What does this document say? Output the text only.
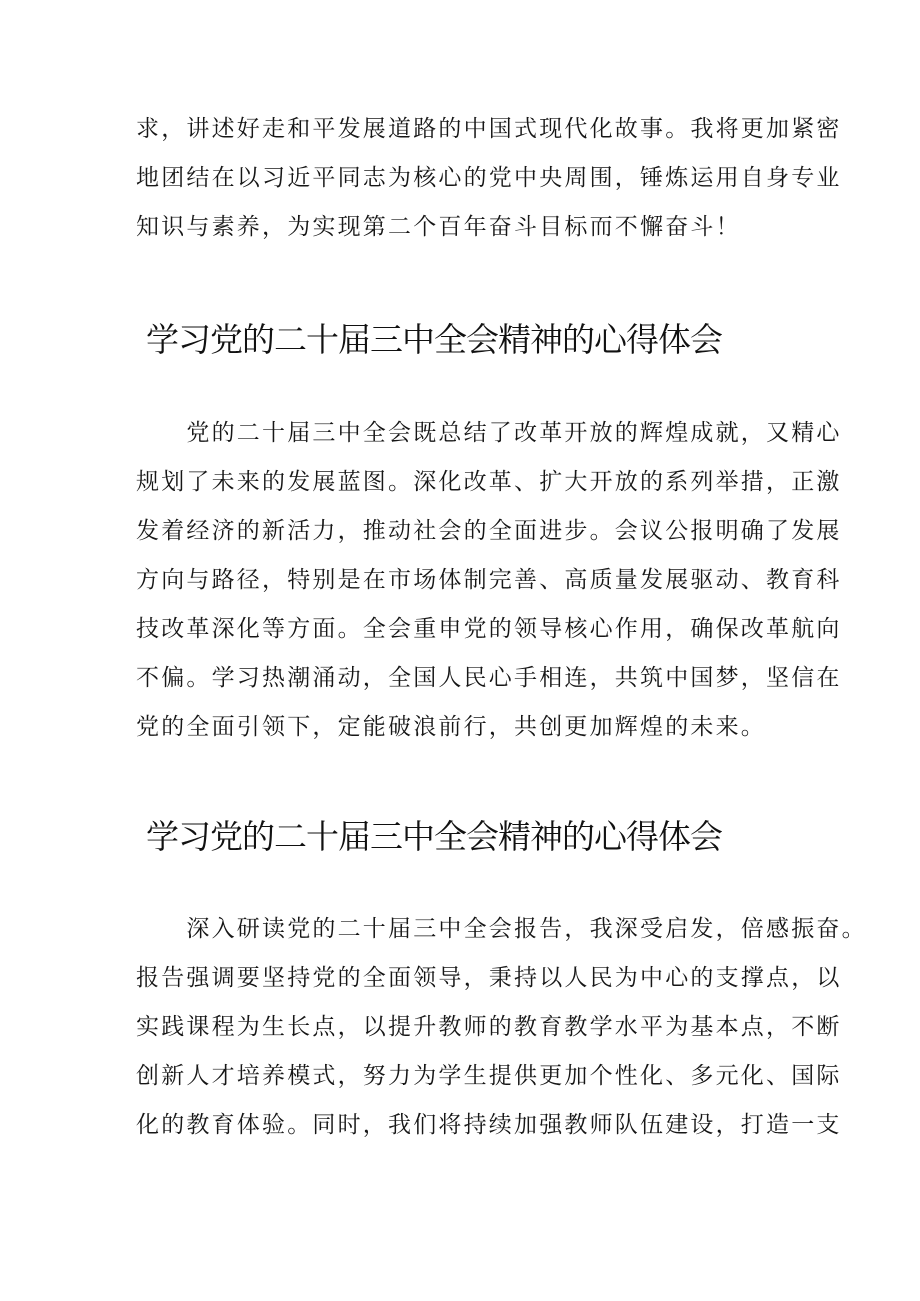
求，讲述好走和平发展道路的中国式现代化故事。我将更加紧密
地团结在以习近平同志为核心的党中央周围，锤炼运用自身专业
知识与素养，为实现第二个百年奋斗目标而不懈奋斗！

学习党的二十届三中全会精神的心得体会

　　党的二十届三中全会既总结了改革开放的辉煌成就，又精心
规划了未来的发展蓝图。深化改革、扩大开放的系列举措，正激
发着经济的新活力，推动社会的全面进步。会议公报明确了发展
方向与路径，特别是在市场体制完善、高质量发展驱动、教育科
技改革深化等方面。全会重申党的领导核心作用，确保改革航向
不偏。学习热潮涌动，全国人民心手相连，共筑中国梦，坚信在
党的全面引领下，定能破浪前行，共创更加辉煌的未来。

学习党的二十届三中全会精神的心得体会

　　深入研读党的二十届三中全会报告，我深受启发，倍感振奋。
报告强调要坚持党的全面领导，秉持以人民为中心的支撑点，以
实践课程为生长点，以提升教师的教育教学水平为基本点，不断
创新人才培养模式，努力为学生提供更加个性化、多元化、国际
化的教育体验。同时，我们将持续加强教师队伍建设，打造一支
